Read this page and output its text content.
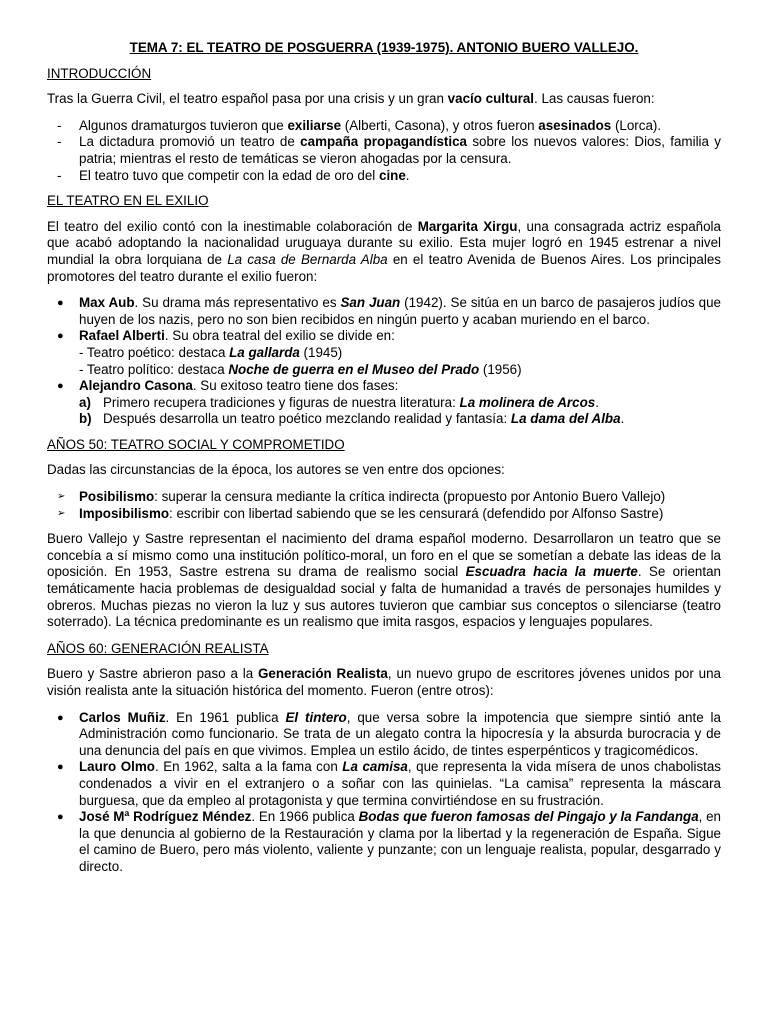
TEMA 7: EL TEATRO DE POSGUERRA (1939-1975). ANTONIO BUERO VALLEJO.
INTRODUCCIÓN

Tras la Guerra Civil, el teatro español pasa por una crisis y un gran vacío cultural. Las causas fueron:

- Algunos dramaturgos tuvieron que exiliarse (Alberti, Casona), y otros fueron asesinados (Lorca).
- La dictadura promovió un teatro de campaña propagandística sobre los nuevos valores: Dios, familia y patria; mientras el resto de temáticas se vieron ahogadas por la censura.
- El teatro tuvo que competir con la edad de oro del cine.
EL TEATRO EN EL EXILIO

El teatro del exilio contó con la inestimable colaboración de Margarita Xirgu, una consagrada actriz española que acabó adoptando la nacionalidad uruguaya durante su exilio. Esta mujer logró en 1945 estrenar a nivel mundial la obra lorquiana de La casa de Bernarda Alba en el teatro Avenida de Buenos Aires. Los principales promotores del teatro durante el exilio fueron:

● Max Aub. Su drama más representativo es San Juan (1942). Se sitúa en un barco de pasajeros judíos que huyen de los nazis, pero no son bien recibidos en ningún puerto y acaban muriendo en el barco.
● Rafael Alberti. Su obra teatral del exilio se divide en:
- Teatro poético: destaca La gallarda (1945)
- Teatro político: destaca Noche de guerra en el Museo del Prado (1956)
● Alejandro Casona. Su exitoso teatro tiene dos fases:
a) Primero recupera tradiciones y figuras de nuestra literatura: La molinera de Arcos.
b) Después desarrolla un teatro poético mezclando realidad y fantasía: La dama del Alba.
AÑOS 50: TEATRO SOCIAL Y COMPROMETIDO

Dadas las circunstancias de la época, los autores se ven entre dos opciones:

➢ Posibilismo: superar la censura mediante la crítica indirecta (propuesto por Antonio Buero Vallejo)
➢ Imposibilismo: escribir con libertad sabiendo que se les censurará (defendido por Alfonso Sastre)

Buero Vallejo y Sastre representan el nacimiento del drama español moderno. Desarrollaron un teatro que se concebía a sí mismo como una institución político-moral, un foro en el que se sometían a debate las ideas de la oposición. En 1953, Sastre estrena su drama de realismo social Escuadra hacia la muerte. Se orientan temáticamente hacia problemas de desigualdad social y falta de humanidad a través de personajes humildes y obreros. Muchas piezas no vieron la luz y sus autores tuvieron que cambiar sus conceptos o silenciarse (teatro soterrado). La técnica predominante es un realismo que imita rasgos, espacios y lenguajes populares.

AÑOS 60: GENERACIÓN REALISTA

Buero y Sastre abrieron paso a la Generación Realista, un nuevo grupo de escritores jóvenes unidos por una visión realista ante la situación histórica del momento. Fueron (entre otros):

● Carlos Muñiz. En 1961 publica El tintero, que versa sobre la impotencia que siempre sintió ante la Administración como funcionario. Se trata de un alegato contra la hipocresía y la absurda burocracia y de una denuncia del país en que vivimos. Emplea un estilo ácido, de tintes esperpénticos y tragicomédicos.
● Lauro Olmo. En 1962, salta a la fama con La camisa, que representa la vida mísera de unos chabolistas condenados a vivir en el extranjero o a soñar con las quinielas. “La camisa” representa la máscara burguesa, que da empleo al protagonista y que termina convirtiéndose en su frustración.
● José Mª Rodríguez Méndez. En 1966 publica Bodas que fueron famosas del Pingajo y la Fandanga, en la que denuncia al gobierno de la Restauración y clama por la libertad y la regeneración de España. Sigue el camino de Buero, pero más violento, valiente y punzante; con un lenguaje realista, popular, desgarrado y directo.
